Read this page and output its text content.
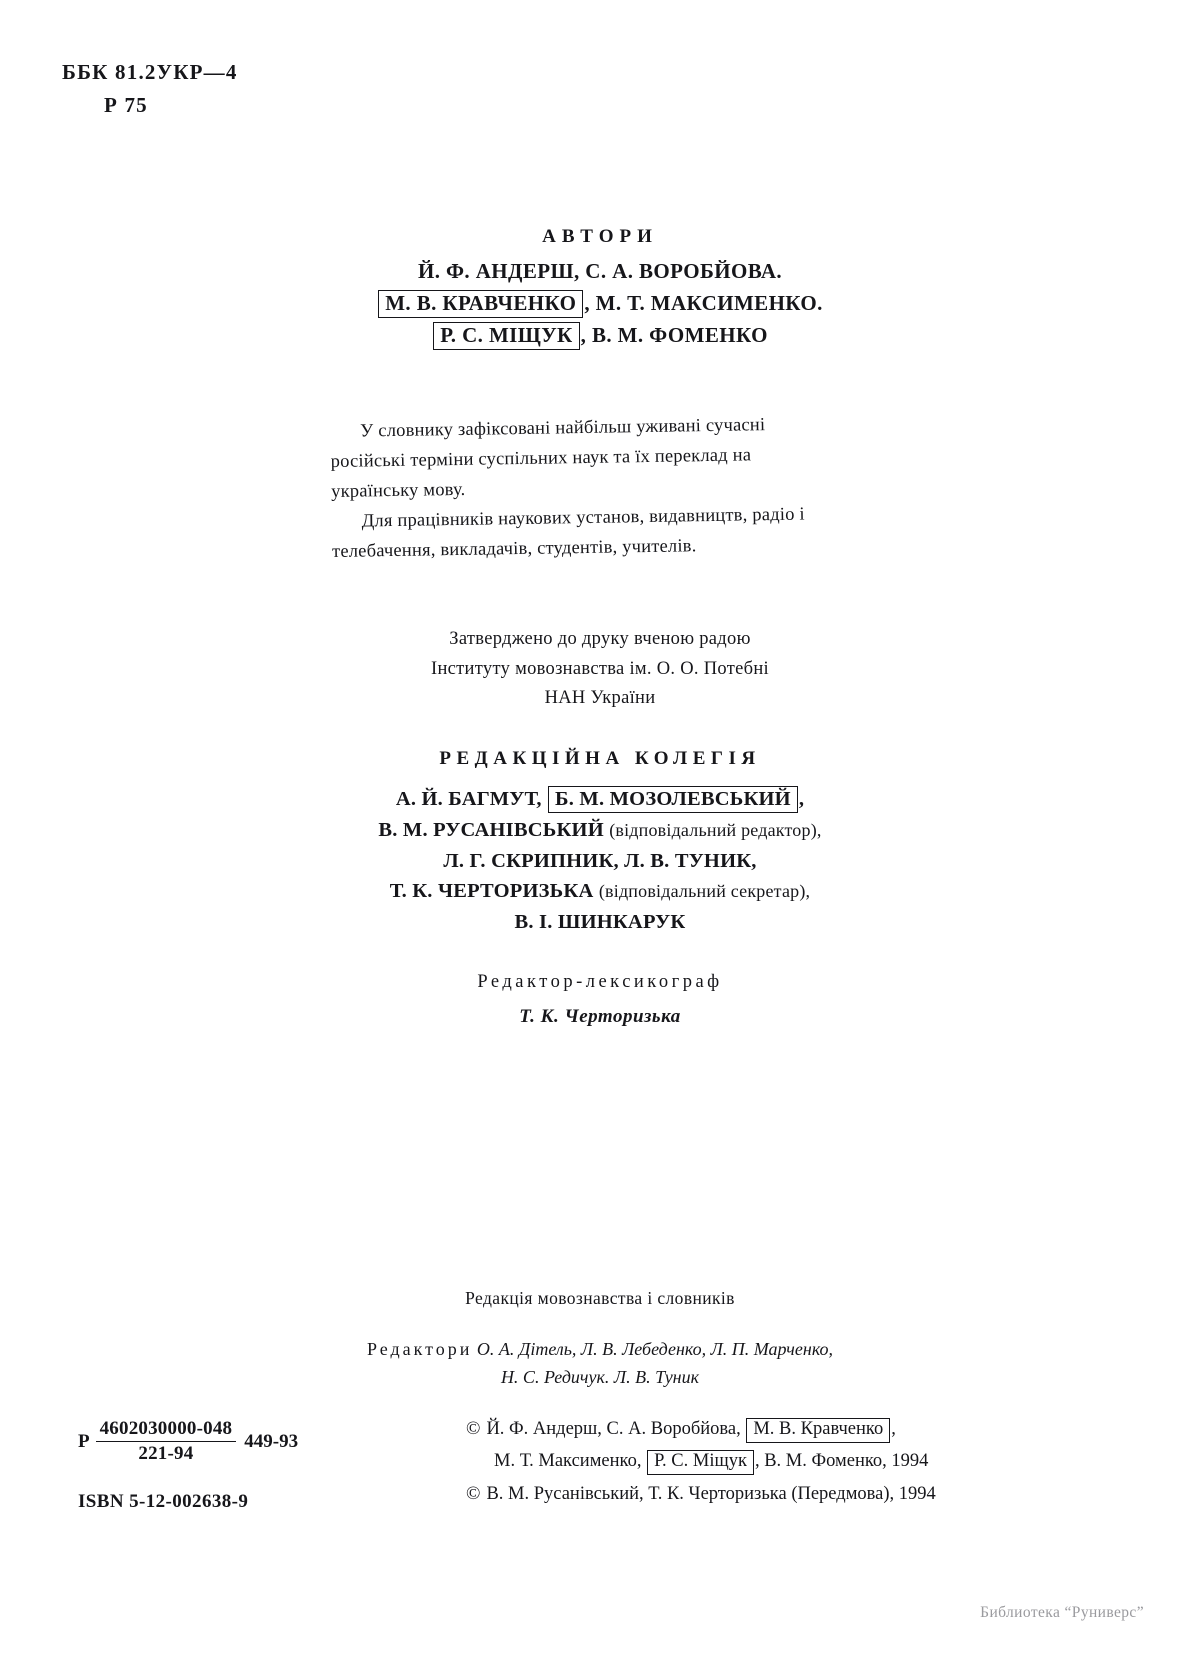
ББК 81.2УКР—4
Р 75
АВТОРИ
Й. Ф. АНДЕРШ, С. А. ВОРОБЙОВА.
М. В. КРАВЧЕНКО , М. Т. МАКСИМЕНКО.
Р. С. МІЩУК , В. М. ФОМЕНКО

У словнику зафіксовані найбільш уживані сучасні російські терміни суспільних наук та їх переклад на українську мову.

Для працівників наукових установ, видавництв, радіо і телебачення, викладачів, студентів, учителів.

Затверджено до друку вченою радою
Інституту мовознавства ім. О. О. Потебні
НАН України
РЕДАКЦІЙНА КОЛЕГІЯ
А. Й. БАГМУТ, Б. М. МОЗОЛЕВСЬКИЙ ,
В. М. РУСАНІВСЬКИЙ (відповідальний редактор),
Л. Г. СКРИПНИК, Л. В. ТУНИК,
Т. К. ЧЕРТОРИЗЬКА (відповідальний секретар),
В. І. ШИНКАРУК
Редактор-лексикограф
Т. К. Черторизька
Редакція мовознавства і словників
Редактори О. А. Дітель, Л. В. Лебеденко, Л. П. Марченко,
Н. С. Редичук. Л. В. Туник
Р $\frac{4602030000-048}{221-94} 449-93$
ISBN 5-12-002638-9
© Й. Ф. Андерш, С. А. Воробйова, М. В. Кравченко ,
М. Т. Максименко, Р. С. Міщук , В. М. Фоменко, 1994
© В. М. Русанівський, Т. К. Черторизька (Передмова), 1994
Библиотека “Руниверс”
